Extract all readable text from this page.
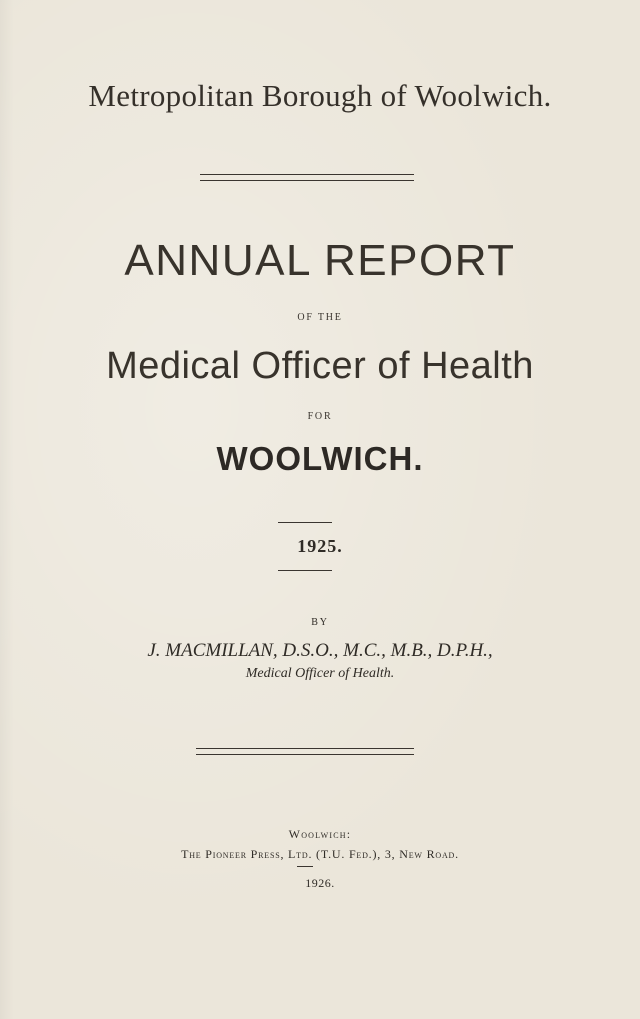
Metropolitan Borough of Woolwich.
ANNUAL REPORT
OF THE
Medical Officer of Health
FOR
WOOLWICH.
1925.
BY
J. MACMILLAN, D.S.O., M.C., M.B., D.P.H.,
Medical Officer of Health.
Woolwich:
The Pioneer Press, Ltd. (T.U. Fed.), 3, New Road.
1926.
